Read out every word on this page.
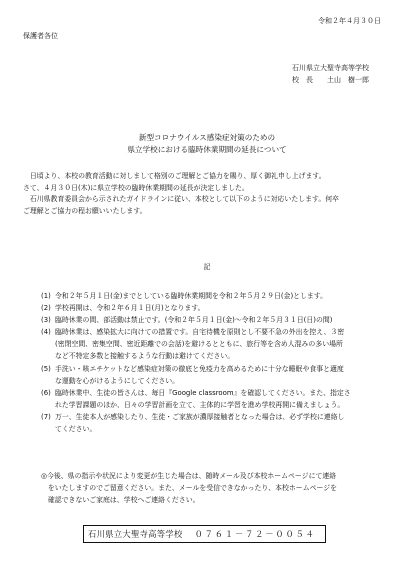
令和２年４月３０日
保護者各位
石川県立大聖寺高等学校
校　長 土山　樹一郎
新型コロナウイルス感染症対策のための
県立学校における臨時休業期間の延長について
　日頃より、本校の教育活動に対しまして格別のご理解とご協力を賜り、厚く御礼申し上げます。
さて、４月３０日(木)に県立学校の臨時休業期間の延長が決定しました。
　石川県教育委員会から示されたガイドラインに従い、本校として以下のように対応いたします。何卒
ご理解とご協力の程お願いいたします。
記
(1) 令和２年５月１日(金)までとしている臨時休業期間を令和２年５月２９日(金)とします。
(2) 学校再開は、令和２年６月１日(月)となります。
(3) 臨時休業の間、部活動は禁止です。(令和２年５月１日(金)～令和２年５月３１日(日)の間)
(4) 臨時休業は、感染拡大に向けての措置です。自宅待機を原則とし不要不急の外出を控え、３密
(密閉空間、密集空間、密近距離での会話)を避けるとともに、旅行等を含め人混みの多い場所
など不特定多数と接触するような行動は避けてください。
(5) 手洗い・咳エチケットなど感染症対策の徹底と免疫力を高めるために十分な睡眠や食事と適度
な運動を心がけるようにしてください。
(6) 臨時休業中、生徒の皆さんは、毎日『Google classroom』を確認してください。また、指定さ
れた学習課題のほか、日々の学習計画を立て、主体的に学習を進め学校再開に備えましょう。
(7) 万一、生徒本人が感染したり、生徒・ご家族が濃厚接触者となった場合は、必ず学校に連絡し
てください。
◎今後、県の指示や状況により変更が生じた場合は、随時メール及び本校ホームページにて連絡
　をいたしますのでご留意ください。また、メールを受信できなかったり、本校ホームページを
　確認できないご家庭は、学校へご連絡ください。
石川県立大聖寺高等学校 ０７６１－７２－００５４
